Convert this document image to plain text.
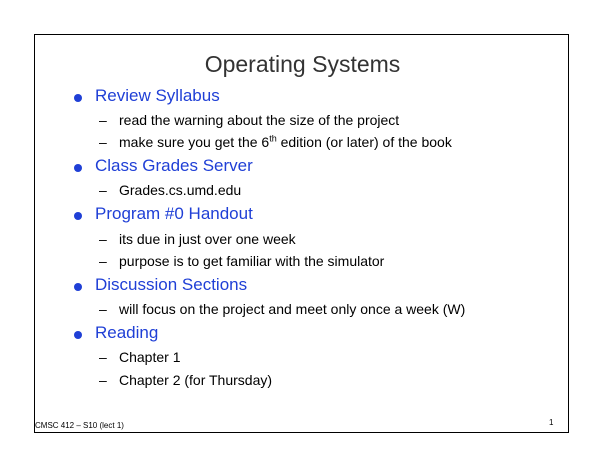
Operating Systems
Review Syllabus
– read the warning about the size of the project
– make sure you get the 6th edition (or later) of the book
Class Grades Server
– Grades.cs.umd.edu
Program #0 Handout
– its due in just over one week
– purpose is to get familiar with the simulator
Discussion Sections
– will focus on the project and meet only once a week (W)
Reading
– Chapter 1
– Chapter 2 (for Thursday)
CMSC 412 – S10 (lect 1)	1
